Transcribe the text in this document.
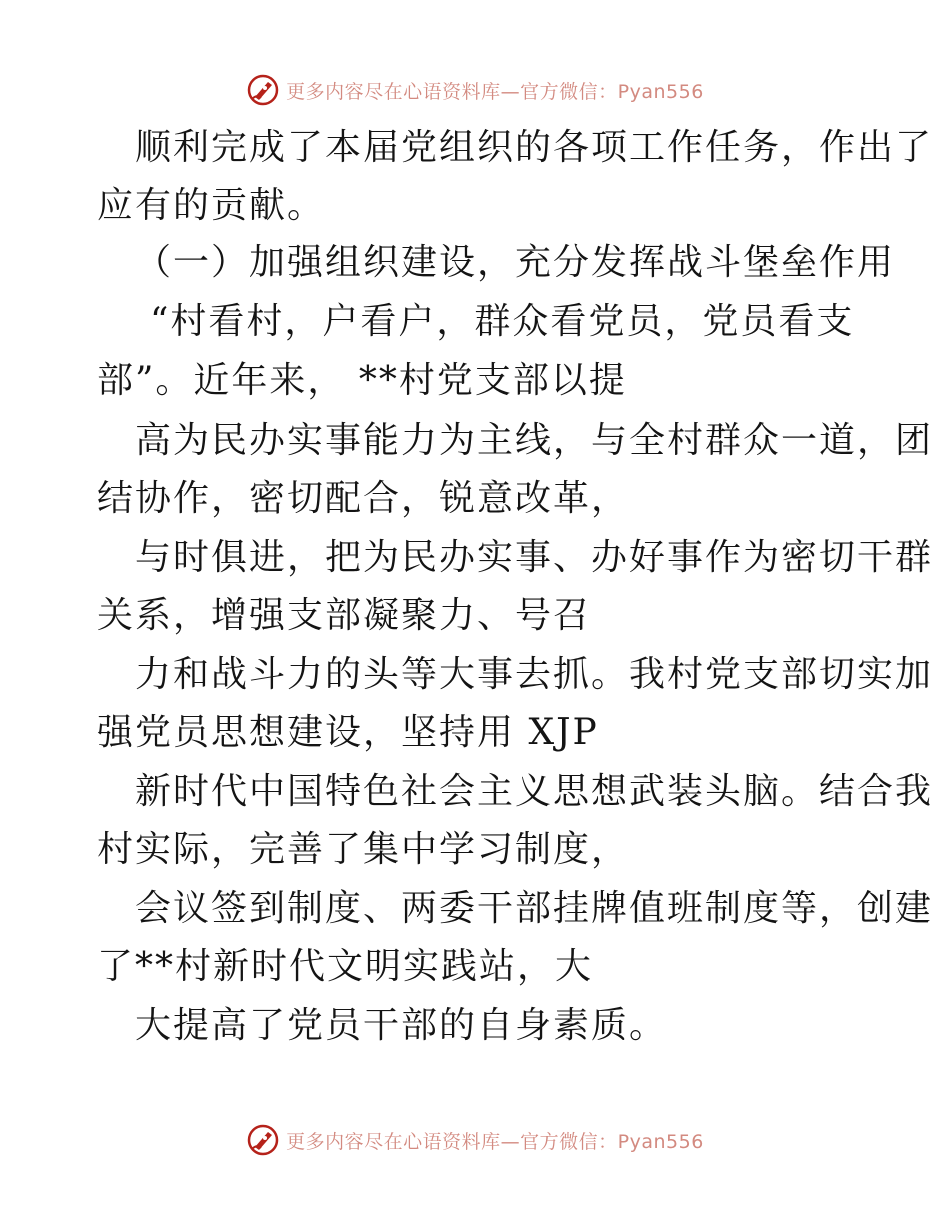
更多内容尽在心语资料库—官方微信：Pyan556
顺利完成了本届党组织的各项工作任务，作出了
应有的贡献。
（一）加强组织建设，充分发挥战斗堡垒作用
“村看村，户看户，群众看党员，党员看支
部”。近年来， **村党支部以提
高为民办实事能力为主线，与全村群众一道，团
结协作，密切配合，锐意改革，
与时俱进，把为民办实事、办好事作为密切干群
关系，增强支部凝聚力、号召
力和战斗力的头等大事去抓。我村党支部切实加
强党员思想建设，坚持用 XJP
新时代中国特色社会主义思想武装头脑。结合我
村实际，完善了集中学习制度，
会议签到制度、两委干部挂牌值班制度等，创建
了**村新时代文明实践站，大
大提高了党员干部的自身素质。
更多内容尽在心语资料库—官方微信：Pyan556
